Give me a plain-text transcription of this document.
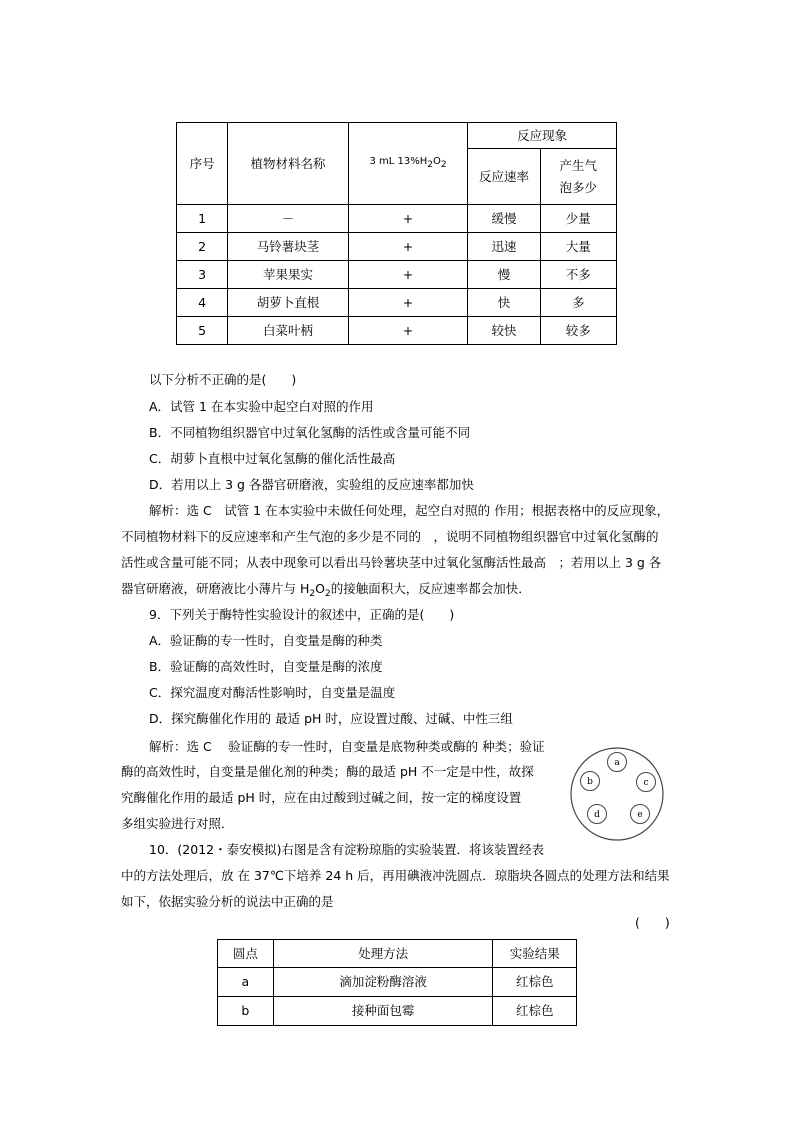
序号	植物材料名称	3 mL 13%H2O2	反应现象	
			反应速率	产生气
泡多少
1	－	+	缓慢	少量
2	马铃薯块茎	+	迅速	大量
3	苹果果实	+	慢	不多
4	胡萝卜直根	+	快	多
5	白菜叶柄	+	较快	较多
以下分析不正确的是(　　)
A．试管 1 在本实验中起空白对照的作用
B．不同植物组织器官中过氧化氢酶的活性或含量可能不同
C．胡萝卜直根中过氧化氢酶的催化活性最高
D．若用以上 3 g 各器官研磨液，实验组的反应速率都加快
解析：选 C　试管 1 在本实验中未做任何处理，起空白对照的 作用；根据表格中的反应现象，
不同植物材料下的反应速率和产生气泡的多少是不同的　，说明不同植物组织器官中过氧化氢酶的
活性或含量可能不同；从表中现象可以看出马铃薯块茎中过氧化氢酶活性最高　；若用以上 3 g 各
器官研磨液，研磨液比小薄片与 $H_2O_2$的接触面积大，反应速率都会加快．
9．下列关于酶特性实验设计的叙述中，正确的是(　　)
A．验证酶的专一性时，自变量是酶的种类
B．验证酶的高效性时，自变量是酶的浓度
C．探究温度对酶活性影响时，自变量是温度
D．探究酶催化作用的 最适 pH 时，应设置过酸、过碱、中性三组
解析：选 C　 验证酶的专一性时，自变量是底物种类或酶的 种类；验证
酶的高效性时，自变量是催化剂的种类；酶的最适 pH 不一定是中性，故探
究酶催化作用的最适 pH 时，应在由过酸到过碱之间，按一定的梯度设置
多组实验进行对照．
a
b	c
d	e
10．(2012・泰安模拟)右图是含有淀粉琼脂的实验装置．将该装置经表
中的方法处理后，放 在 37℃下培养 24 h 后，再用碘液冲洗圆点．琼脂块各圆点的处理方法和结果
如下，依据实验分析的说法中正确的是
(　　)
圆点	处理方法	实验结果
a	滴加淀粉酶溶液	红棕色
b	接种面包霉	红棕色
